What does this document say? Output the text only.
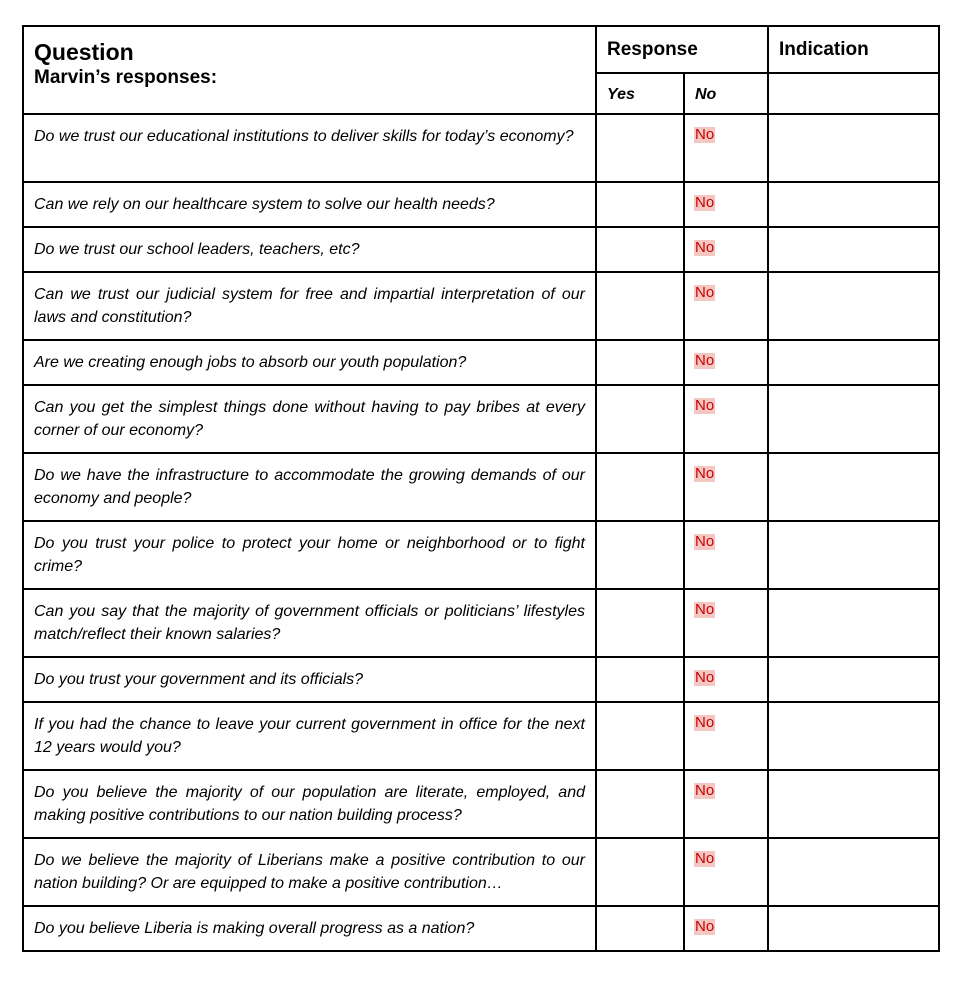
Question
Marvin’s responses:	Response		Indication
	Yes	No	
Do we trust our educational institutions to deliver skills for today’s economy?		No	
Can we rely on our healthcare system to solve our health needs?		No	
Do we trust our school leaders, teachers, etc?		No	
Can we trust our judicial system for free and impartial interpretation of our laws and constitution?		No	
Are we creating enough jobs to absorb our youth population?		No	
Can you get the simplest things done without having to pay bribes at every corner of our economy?		No	
Do we have the infrastructure to accommodate the growing demands of our economy and people?		No	
Do you trust your police to protect your home or neighborhood or to fight crime?		No	
Can you say that the majority of government officials or politicians’ lifestyles match/reflect their known salaries?		No	
Do you trust your government and its officials?		No	
If you had the chance to leave your current government in office for the next 12 years would you?		No	
Do you believe the majority of our population are literate, employed, and making positive contributions to our nation building process?		No	
Do we believe the majority of Liberians make a positive contribution to our nation building? Or are equipped to make a positive contribution…		No	
Do you believe Liberia is making overall progress as a nation?		No	
